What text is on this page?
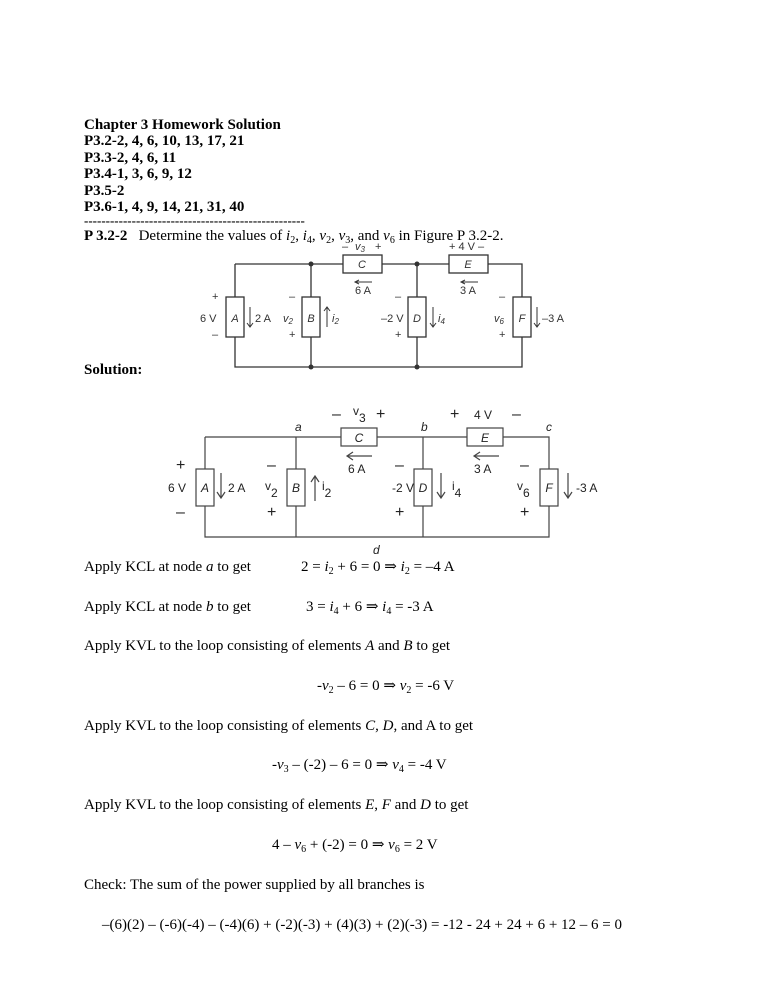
Chapter 3 Homework Solution
P3.2-2, 4, 6, 10, 13, 17, 21
P3.3-2, 4, 6, 11
P3.4-1, 3, 6, 9, 12
P3.5-2
P3.6-1, 4, 9, 14, 21, 31, 40
---------------------------------------------------
P 3.2-2 Determine the values of $i_2$, $i_4$, $v_2$, $v_3$, and $v_6$ in Figure P 3.2-2.
A	B
C
D
E
F
6 V
+
–
2 A v2
–
+
i2
6 A
– v3 +
–2 V
–
+
i4
3 A
+ 4 V –
v6
–
+
–3 A
Solution:
A	B
C
D
E
F
a	b	c
d
6 V
+
–
2 A v2
–
+
i2
6 A
– v3 +
-2 V
–
+
i4
3 A
+ 4 V –
v6
–
+
-3 A
Apply KCL at node a to get	$2 = i_2 + 6 = 0$ ⇒ $i_2 = -4$ A
Apply KCL at node b to get	$3 = i_4 + 6$ ⇒ $i_4 = -3$ A
Apply KVL to the loop consisting of elements A and B to get
$-v_2 - 6 = 0$ ⇒ $v_2 = -6$ V
Apply KVL to the loop consisting of elements C, D, and A to get
$-v_3 - (-2) - 6 = 0$ ⇒ $v_4 = -4$ V
Apply KVL to the loop consisting of elements E, F and D to get
$4 - v_6 + (-2) = 0$ ⇒ $v_6 = 2$ V
Check: The sum of the power supplied by all branches is
–(6)(2) – (-6)(-4) – (-4)(6) + (-2)(-3) + (4)(3) + (2)(-3) = -12 - 24 + 24 + 6 + 12 – 6 = 0
